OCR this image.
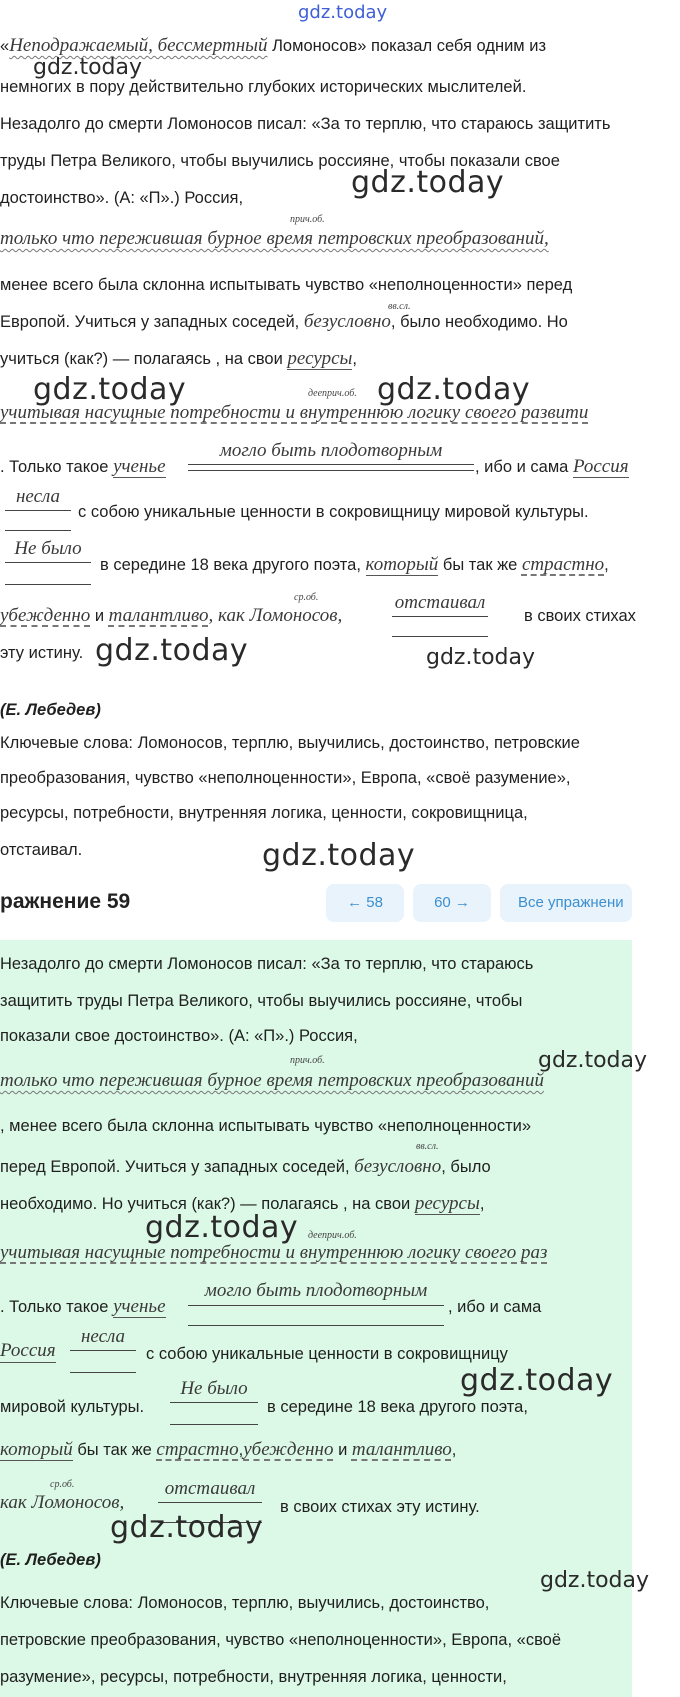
gdz.today
«Неподражаемый, бессмертный Ломоносов» показал себя одним из
gdz.today
немногих в пору действительно глубоких исторических мыслителей.
Незадолго до смерти Ломоносов писал: «За то терплю, что стараюсь защитить
труды Петра Великого, чтобы выучились россияне, чтобы показали свое
gdz.today
достоинство». (А: «П».) Россия,
прич.об.
только что пережившая бурное время петровских преобразований,
менее всего была склонна испытывать чувство «неполноценности» перед
вв.сл.
Европой. Учиться у западных соседей, безусловно, было необходимо. Но
учиться (как?) — полагаясь , на свои ресурсы,
gdz.today	дееприч.об. gdz.today
учитывая насущные потребности и внутреннюю логику своего развити
. Только такое ученье
могло быть плодотворным
, ибо и сама Россия
несла
с собою уникальные ценности в сокровищницу мировой культуры.
Не было
в середине 18 века другого поэта, который бы так же страстно,
ср.об.
убежденно и талантливо, как Ломоносов,
отстаивал
в своих стихах
эту истину. gdz.today	gdz.today
(Е. Лебедев)
Ключевые слова: Ломоносов, терплю, выучились, достоинство, петровские
преобразования, чувство «неполноценности», Европа, «своё разумение»,
ресурсы, потребности, внутренняя логика, ценности, сокровищница,
отстаивал.	gdz.today
ражнение 59	← 58	60 →	Все упражнени
Незадолго до смерти Ломоносов писал: «За то терплю, что стараюсь
защитить труды Петра Великого, чтобы выучились россияне, чтобы
показали свое достоинство». (А: «П».) Россия,
прич.об.	gdz.today
только что пережившая бурное время петровских преобразований
, менее всего была склонна испытывать чувство «неполноценности»
вв.сл.
перед Европой. Учиться у западных соседей, безусловно, было
необходимо. Но учиться (как?) — полагаясь , на свои ресурсы,
gdz.today дееприч.об.
учитывая насущные потребности и внутреннюю логику своего раз
. Только такое ученье
могло быть плодотворным
, ибо и сама
Россия
несла
с собою уникальные ценности в сокровищницу
gdz.today
мировой культуры.
Не было
в середине 18 века другого поэта,
который бы так же страстно,убежденно и талантливо,
ср.об.
как Ломоносов,
отстаивал
в своих стихах эту истину.
gdz.today
(Е. Лебедев)
gdz.today
Ключевые слова: Ломоносов, терплю, выучились, достоинство,
петровские преобразования, чувство «неполноценности», Европа, «своё
разумение», ресурсы, потребности, внутренняя логика, ценности,
